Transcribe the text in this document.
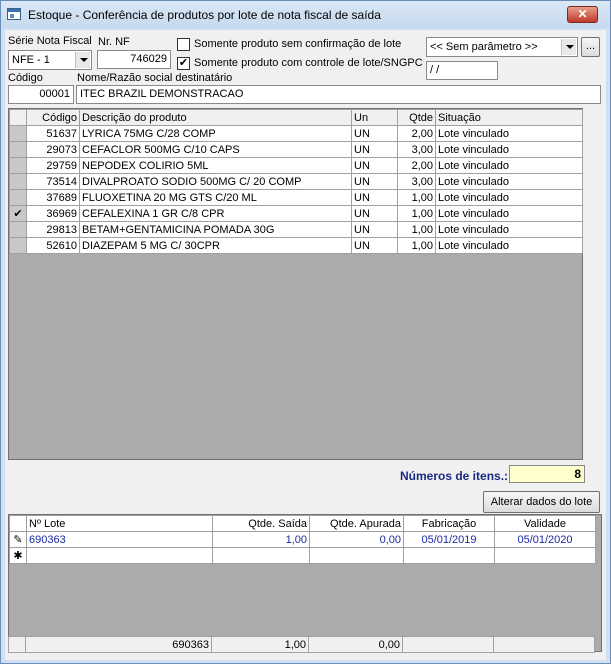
Estoque - Conferência de produtos por lote de nota fiscal de saída	✕
Série Nota Fiscal
NFE - 1
Nr. NF
746029
Somente produto sem confirmação de lote
✔ Somente produto com controle de lote/SNGPC
<< Sem parâmetro >>	...
/ /
Código
00001
Nome/Razão social destinatário
ITEC BRAZIL DEMONSTRACAO
	Código	Descrição do produto	Un	Qtde	Situação
	51637	LYRICA 75MG C/28 COMP	UN	2,00	Lote vinculado
	29073	CEFACLOR 500MG C/10 CAPS	UN	3,00	Lote vinculado
	29759	NEPODEX COLIRIO 5ML	UN	2,00	Lote vinculado
	73514	DIVALPROATO SODIO 500MG C/ 20 COMP	UN	3,00	Lote vinculado
	37689	FLUOXETINA 20 MG GTS C/20 ML	UN	1,00	Lote vinculado
✔	36969	CEFALEXINA 1 GR C/8 CPR	UN	1,00	Lote vinculado
	29813	BETAM+GENTAMICINA POMADA 30G	UN	1,00	Lote vinculado
	52610	DIAZEPAM 5 MG C/ 30CPR	UN	1,00	Lote vinculado
Números de itens.:	8
Alterar dados do lote
	Nº Lote	Qtde. Saída	Qtde. Apurada	Fabricação	Validade
✎	690363	1,00	0,00	05/01/2019	05/01/2020
✱					
	690363	1,00	0,00		
